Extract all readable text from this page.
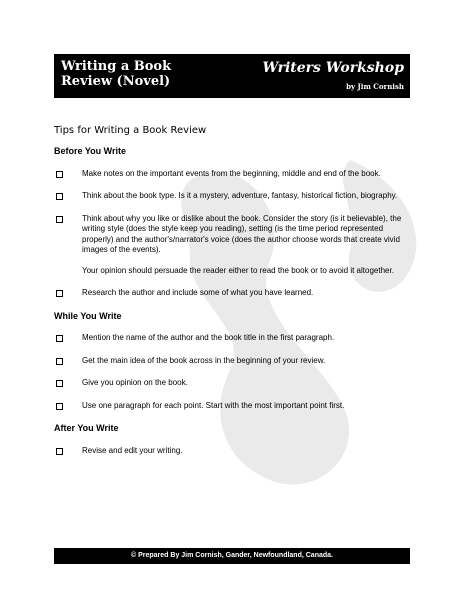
Writing a Book
Review (Novel)
Writers Workshop
by Jim Cornish
Tips for Writing a Book Review
Before You Write
Make notes on the important events from the beginning, middle and end of the book.
Think about the book type. Is it a mystery, adventure, fantasy, historical fiction, biography.
Think about why you like or dislike about the book. Consider the story (is it believable), the writing style (does the style keep you reading), setting (is the time period represented properly) and the author's/narrator's voice (does the author choose words that create vivid images of the events).
Your opinion should persuade the reader either to read the book or to avoid it altogether.
Research the author and include some of what you have learned.
While You Write
Mention the name of the author and the book title in the first paragraph.
Get the main idea of the book across in the beginning of your review.
Give you opinion on the book.
Use one paragraph for each point. Start with the most important point first.
After You Write
Revise and edit your writing.
© Prepared By Jim Cornish, Gander, Newfoundland, Canada.
